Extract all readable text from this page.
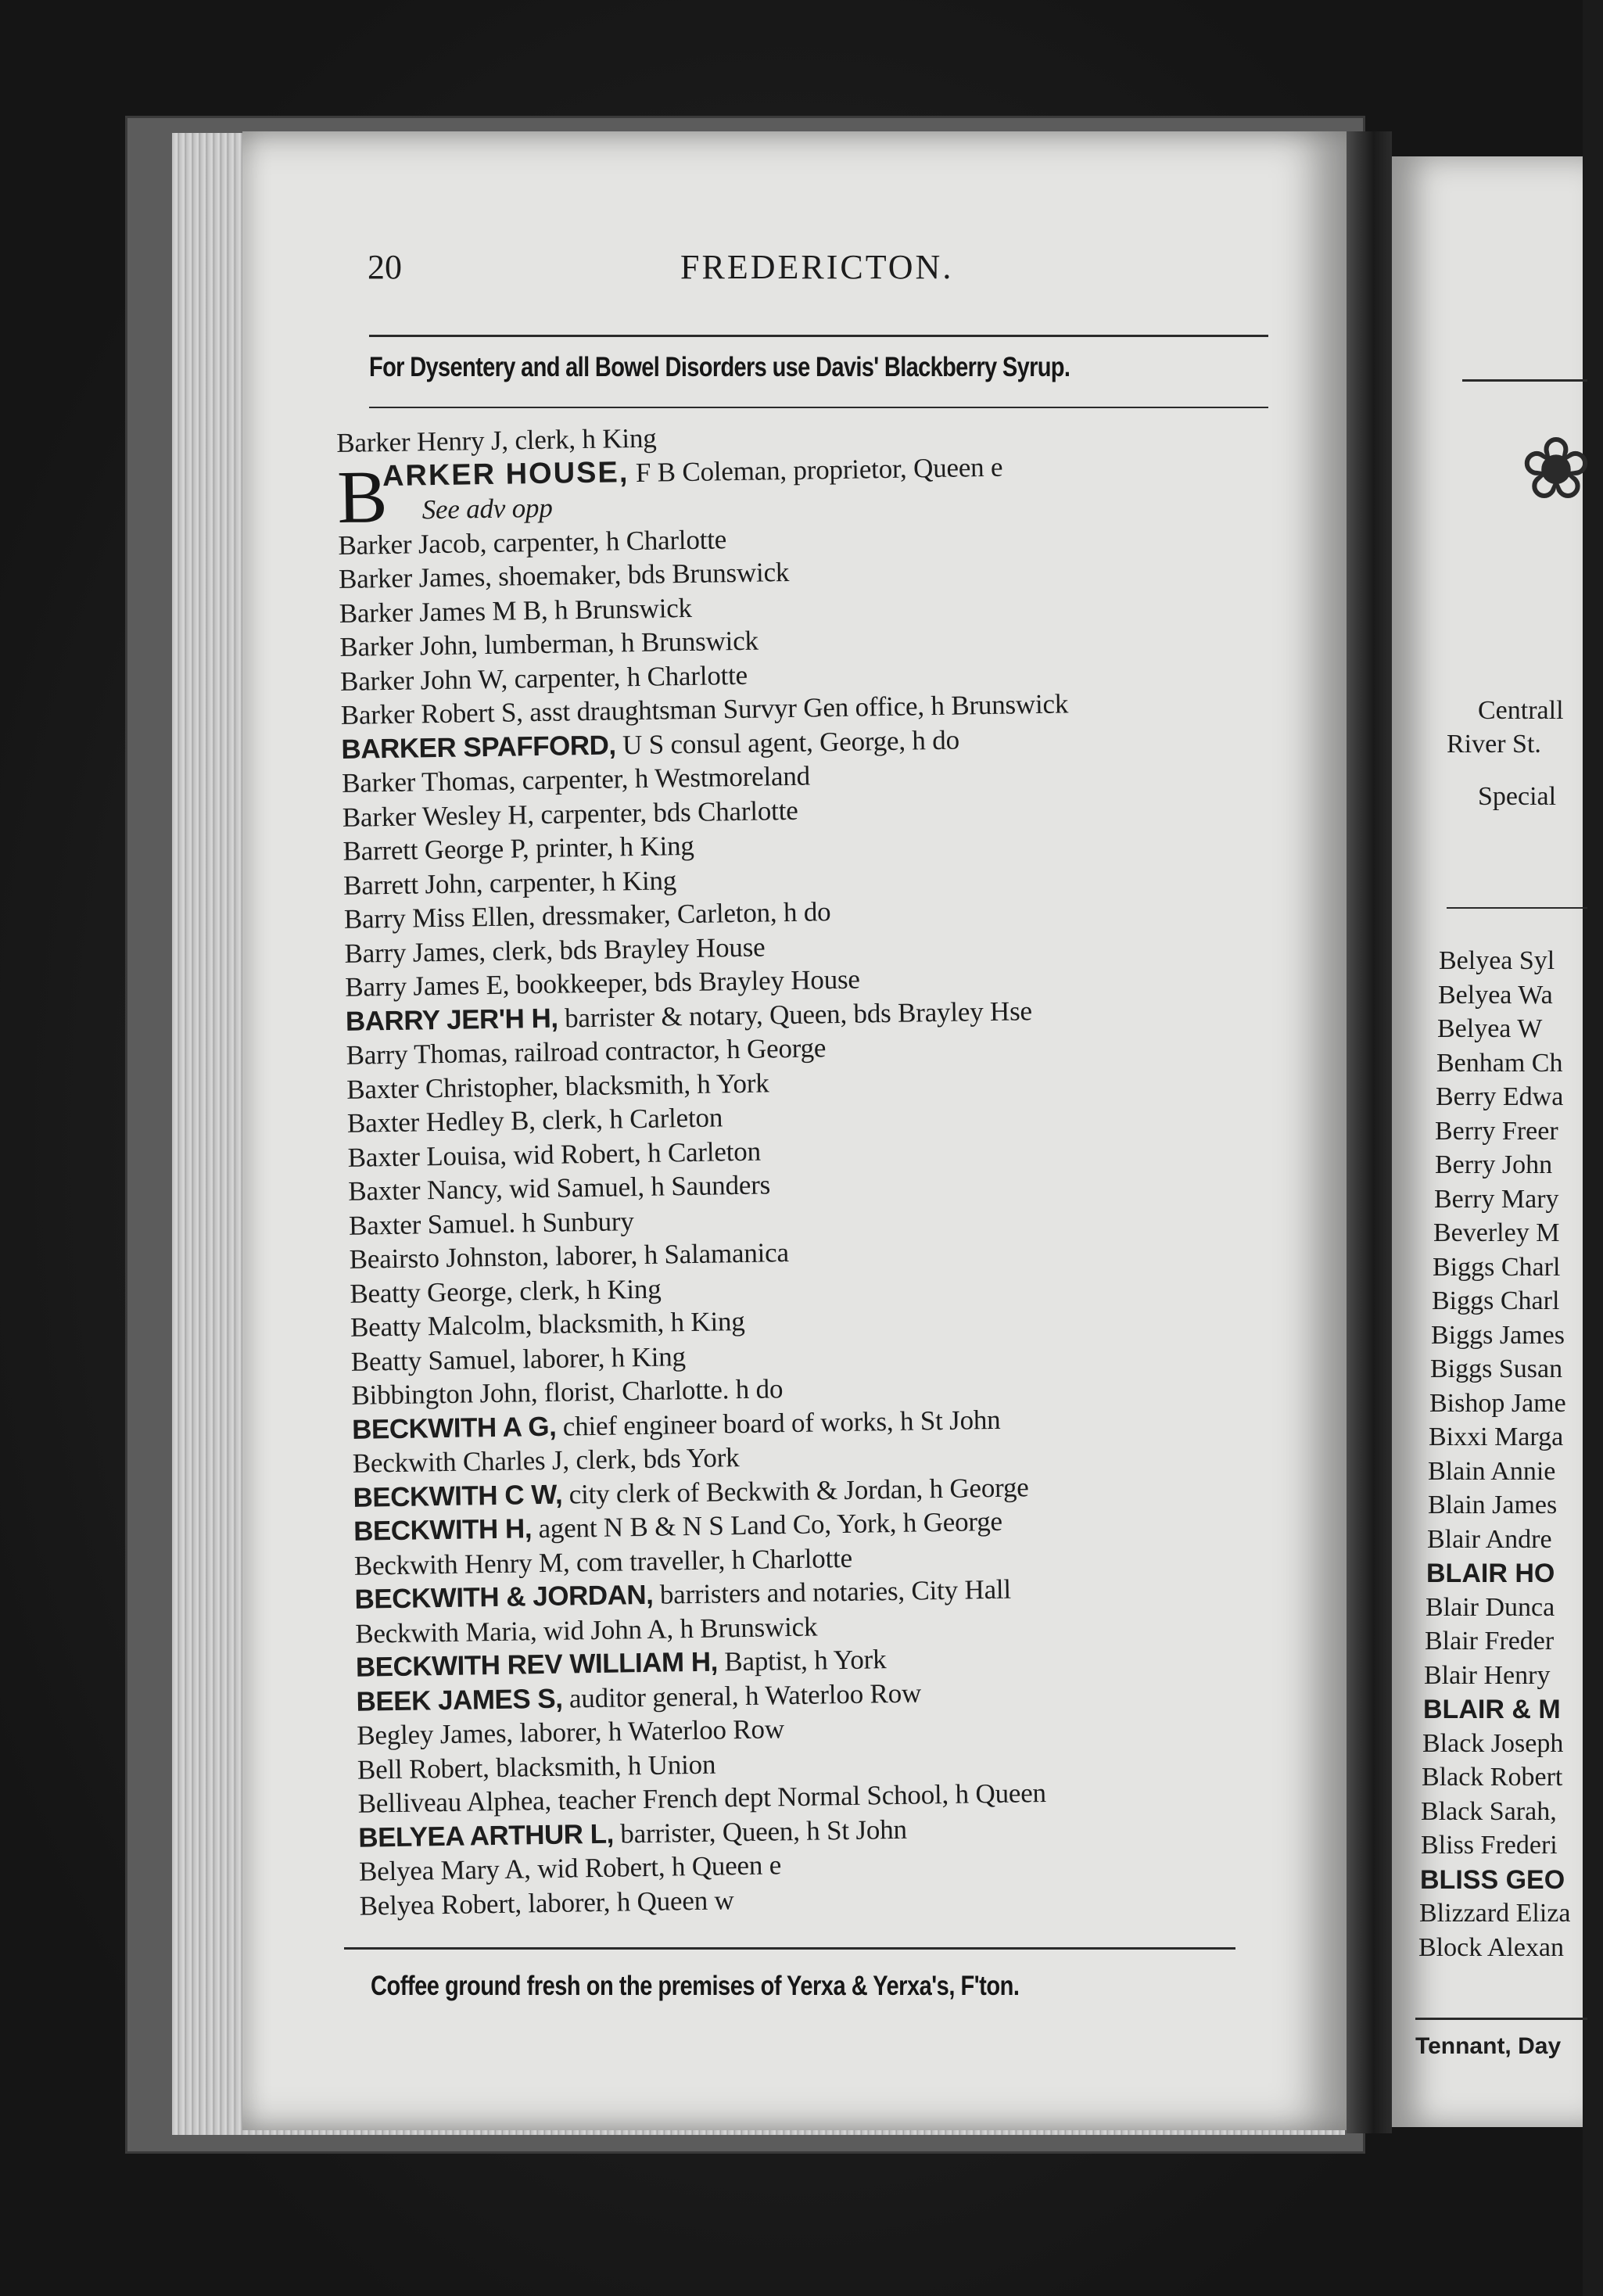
20	FREDERICTON.
For Dysentery and all Bowel Disorders use Davis' Blackberry Syrup.
Barker Henry J, clerk, h King
B
ARKER HOUSE, F B Coleman, proprietor, Queen e
See adv opp
Barker Jacob, carpenter, h Charlotte
Barker James, shoemaker, bds Brunswick
Barker James M B, h Brunswick
Barker John, lumberman, h Brunswick
Barker John W, carpenter, h Charlotte
Barker Robert S, asst draughtsman Survyr Gen office, h Brunswick
BARKER SPAFFORD, U S consul agent, George, h do
Barker Thomas, carpenter, h Westmoreland
Barker Wesley H, carpenter, bds Charlotte
Barrett George P, printer, h King
Barrett John, carpenter, h King
Barry Miss Ellen, dressmaker, Carleton, h do
Barry James, clerk, bds Brayley House
Barry James E, bookkeeper, bds Brayley House
BARRY JER'H H, barrister & notary, Queen, bds Brayley Hse
Barry Thomas, railroad contractor, h George
Baxter Christopher, blacksmith, h York
Baxter Hedley B, clerk, h Carleton
Baxter Louisa, wid Robert, h Carleton
Baxter Nancy, wid Samuel, h Saunders
Baxter Samuel. h Sunbury
Beairsto Johnston, laborer, h Salamanica
Beatty George, clerk, h King
Beatty Malcolm, blacksmith, h King
Beatty Samuel, laborer, h King
Bibbington John, florist, Charlotte. h do
BECKWITH A G, chief engineer board of works, h St John
Beckwith Charles J, clerk, bds York
BECKWITH C W, city clerk of Beckwith & Jordan, h George
BECKWITH H, agent N B & N S Land Co, York, h George
Beckwith Henry M, com traveller, h Charlotte
BECKWITH & JORDAN, barristers and notaries, City Hall
Beckwith Maria, wid John A, h Brunswick
BECKWITH REV WILLIAM H, Baptist, h York
BEEK JAMES S, auditor general, h Waterloo Row
Begley James, laborer, h Waterloo Row
Bell Robert, blacksmith, h Union
Belliveau Alphea, teacher French dept Normal School, h Queen
BELYEA ARTHUR L, barrister, Queen, h St John
Belyea Mary A, wid Robert, h Queen e
Belyea Robert, laborer, h Queen w
Coffee ground fresh on the premises of Yerxa & Yerxa's, F'ton.
❀
Centrall
River St.
Special
Belyea Syl
Belyea Wa
Belyea W
Benham Ch
Berry Edwa
Berry Freer
Berry John
Berry Mary
Beverley M
Biggs Charl
Biggs Charl
Biggs James
Biggs Susan
Bishop Jame
Bixxi Marga
Blain Annie
Blain James
Blair Andre
BLAIR HO
Blair Dunca
Blair Freder
Blair Henry
BLAIR & M
Black Joseph
Black Robert
Black Sarah,
Bliss Frederi
BLISS GEO
Blizzard Eliza
Block Alexan
Tennant, Day
